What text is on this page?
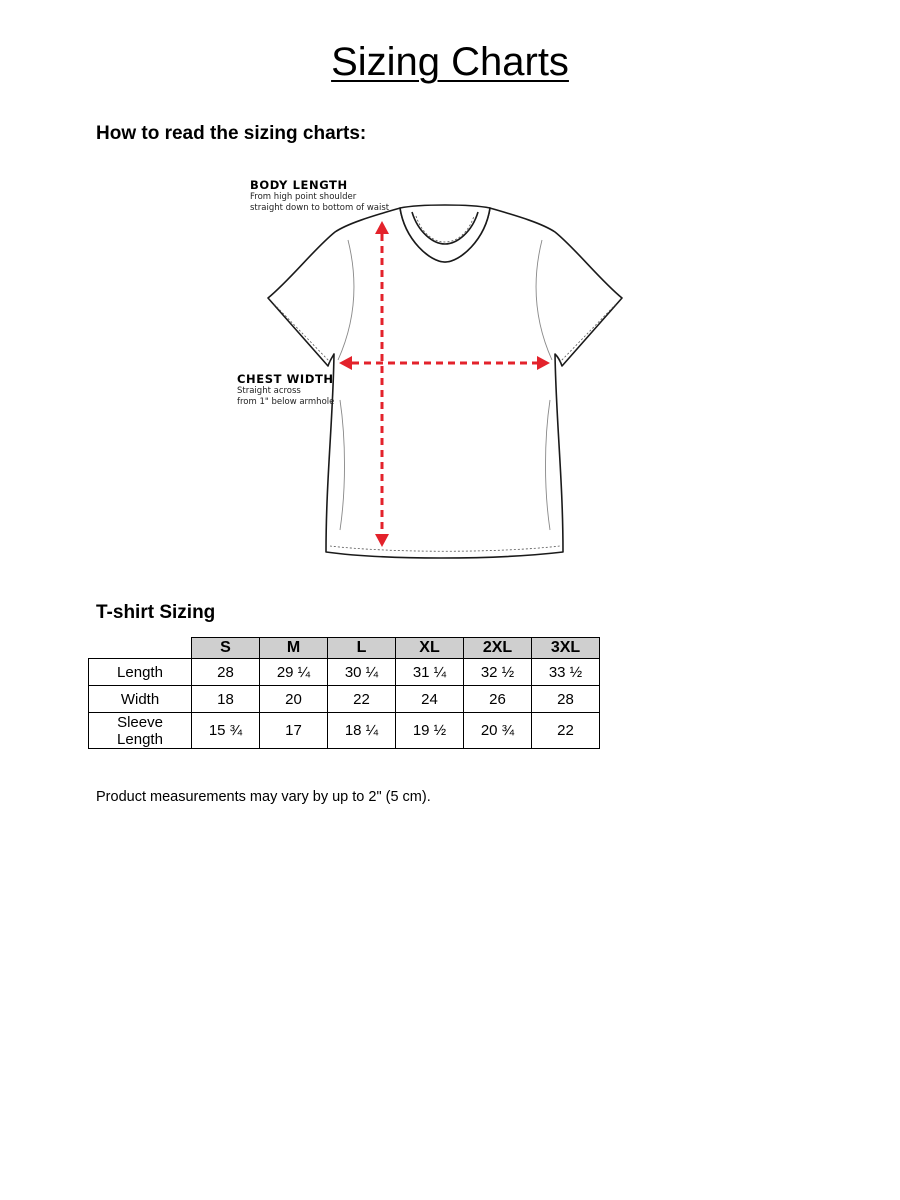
Sizing Charts
How to read the sizing charts:
BODY LENGTH
From high point shoulder
straight down to bottom of waist
CHEST WIDTH
Straight across
from 1" below armhole
T-shirt Sizing
	S	M	L	XL	2XL	3XL
Length	28	29 ¼	30 ¼	31 ¼	32 ½	33 ½
Width	18	20	22	24	26	28

Sleeve
Length	15 ¾	17	18 ¼	19 ½	20 ¾	22
Product measurements may vary by up to 2" (5 cm).
